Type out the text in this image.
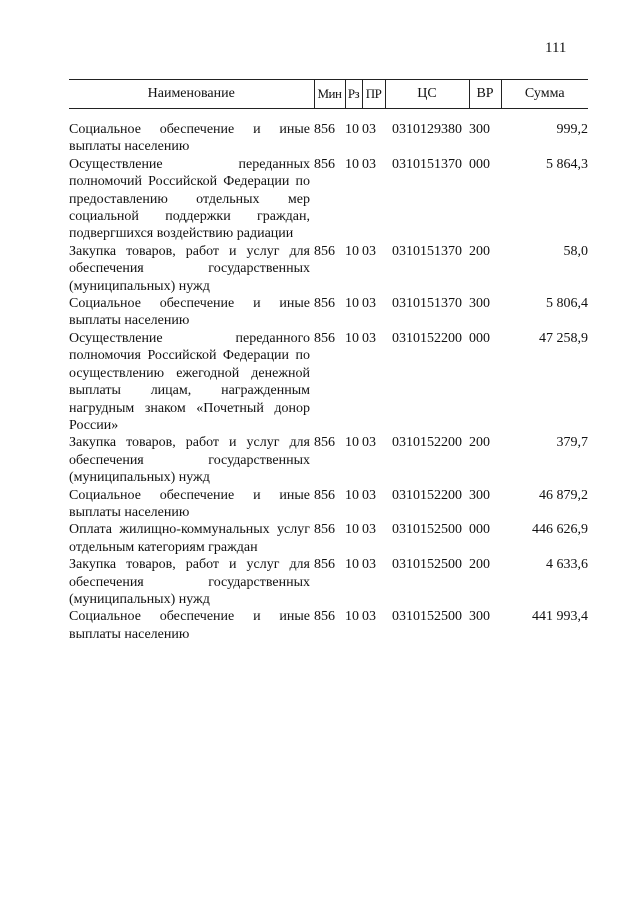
111
Наименование	Мин	Рз	ПР	ЦС	ВР	Сумма

Социальное обеспечение и иные выплаты населению	856	10	03	0310129380	300	999,2
Осуществление переданных полномочий Российской Федерации по предоставлению отдельных мер социальной поддержки граждан, подвергшихся воздействию радиации	856	10	03	0310151370	000	5 864,3
Закупка товаров, работ и услуг для обеспечения государственных (муниципальных) нужд	856	10	03	0310151370	200	58,0
Социальное обеспечение и иные выплаты населению	856	10	03	0310151370	300	5 806,4
Осуществление переданного полномочия Российской Федерации по осуществлению ежегодной денежной выплаты лицам, награжденным нагрудным знаком «Почетный донор России»	856	10	03	0310152200	000	47 258,9
Закупка товаров, работ и услуг для обеспечения государственных (муниципальных) нужд	856	10	03	0310152200	200	379,7
Социальное обеспечение и иные выплаты населению	856	10	03	0310152200	300	46 879,2
Оплата жилищно-коммунальных услуг отдельным категориям граждан	856	10	03	0310152500	000	446 626,9
Закупка товаров, работ и услуг для обеспечения государственных (муниципальных) нужд	856	10	03	0310152500	200	4 633,6
Социальное обеспечение и иные выплаты населению	856	10	03	0310152500	300	441 993,4
